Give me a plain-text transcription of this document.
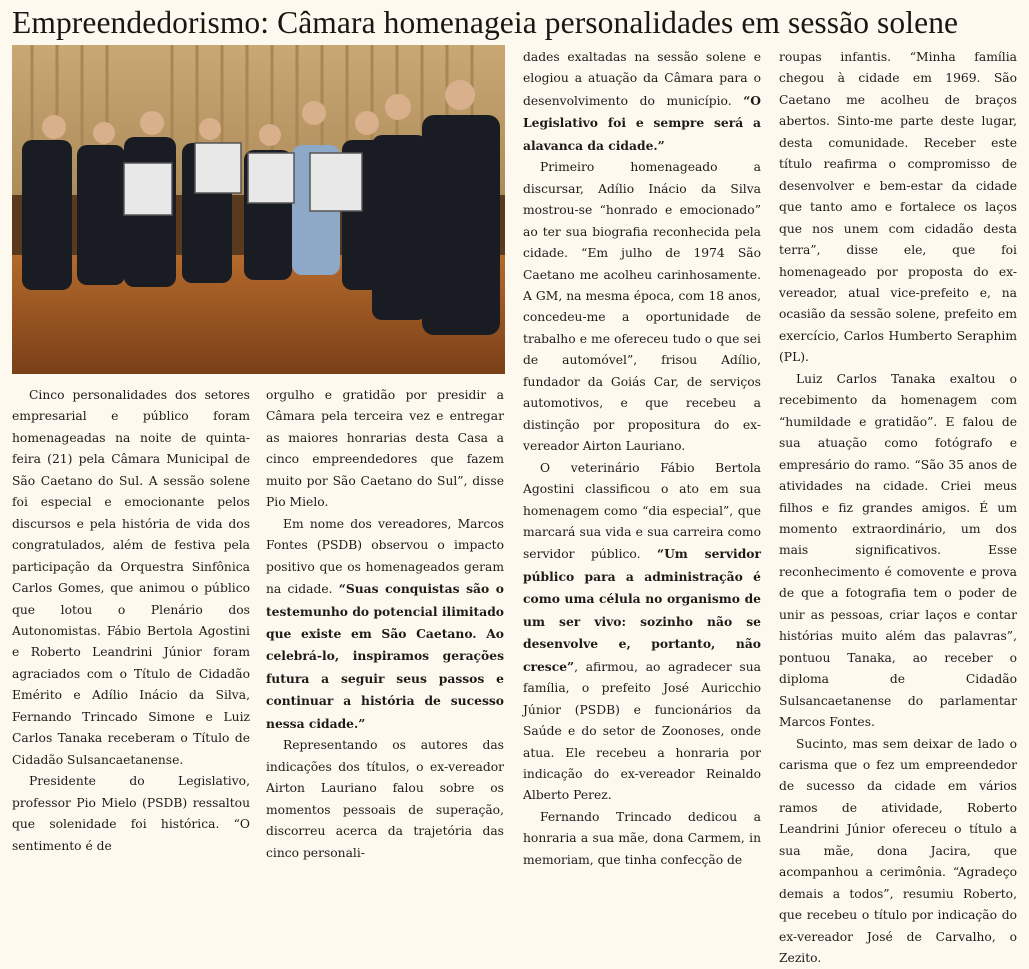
Empreendedorismo: Câmara homenageia personalidades em sessão solene

Cinco personalidades dos setores empresarial e público foram homenageadas na noite de quinta-feira (21) pela Câmara Municipal de São Caetano do Sul. A sessão solene foi especial e emocionante pelos discursos e pela história de vida dos congratulados, além de festiva pela participação da Orquestra Sinfônica Carlos Gomes, que animou o público que lotou o Plenário dos Autonomistas. Fábio Bertola Agostini e Roberto Leandrini Júnior foram agraciados com o Título de Cidadão Emérito e Adílio Inácio da Silva, Fernando Trincado Simone e Luiz Carlos Tanaka receberam o Título de Cidadão Sulsancaetanense.

Presidente do Legislativo, professor Pio Mielo (PSDB) ressaltou que solenidade foi histórica. “O sentimento é de

orgulho e gratidão por presidir a Câmara pela terceira vez e entregar as maiores honrarias desta Casa a cinco empreendedores que fazem muito por São Caetano do Sul”, disse Pio Mielo.

Em nome dos vereadores, Marcos Fontes (PSDB) observou o impacto positivo que os homenageados geram na cidade. “Suas conquistas são o testemunho do potencial ilimitado que existe em São Caetano. Ao celebrá-lo, inspiramos gerações futura a seguir seus passos e continuar a história de sucesso nessa cidade.”

Representando os autores das indicações dos títulos, o ex-vereador Airton Lauriano falou sobre os momentos pessoais de superação, discorreu acerca da trajetória das cinco personali-

dades exaltadas na sessão solene e elogiou a atuação da Câmara para o desenvolvimento do município. “O Legislativo foi e sempre será a alavanca da cidade.”

Primeiro homenageado a discursar, Adílio Inácio da Silva mostrou-se “honrado e emocionado” ao ter sua biografia reconhecida pela cidade. “Em julho de 1974 São Caetano me acolheu carinhosamente. A GM, na mesma época, com 18 anos, concedeu-me a oportunidade de trabalho e me ofereceu tudo o que sei de automóvel”, frisou Adílio, fundador da Goiás Car, de serviços automotivos, e que recebeu a distinção por propositura do ex-vereador Airton Lauriano.

O veterinário Fábio Bertola Agostini classificou o ato em sua homenagem como “dia especial”, que marcará sua vida e sua carreira como servidor público. “Um servidor público para a administração é como uma célula no organismo de um ser vivo: sozinho não se desenvolve e, portanto, não cresce”, afirmou, ao agradecer sua família, o prefeito José Auricchio Júnior (PSDB) e funcionários da Saúde e do setor de Zoonoses, onde atua. Ele recebeu a honraria por indicação do ex-vereador Reinaldo Alberto Perez.

Fernando Trincado dedicou a honraria a sua mãe, dona Carmem, in memoriam, que tinha confecção de

roupas infantis. “Minha família chegou à cidade em 1969. São Caetano me acolheu de braços abertos. Sinto-me parte deste lugar, desta comunidade. Receber este título reafirma o compromisso de desenvolver e bem-estar da cidade que tanto amo e fortalece os laços que nos unem com cidadão desta terra”, disse ele, que foi homenageado por proposta do ex-vereador, atual vice-prefeito e, na ocasião da sessão solene, prefeito em exercício, Carlos Humberto Seraphim (PL).

Luiz Carlos Tanaka exaltou o recebimento da homenagem com “humildade e gratidão”. E falou de sua atuação como fotógrafo e empresário do ramo. “São 35 anos de atividades na cidade. Criei meus filhos e fiz grandes amigos. É um momento extraordinário, um dos mais significativos. Esse reconhecimento é comovente e prova de que a fotografia tem o poder de unir as pessoas, criar laços e contar histórias muito além das palavras”, pontuou Tanaka, ao receber o diploma de Cidadão Sulsancaetanense do parlamentar Marcos Fontes.

Sucinto, mas sem deixar de lado o carisma que o fez um empreendedor de sucesso da cidade em vários ramos de atividade, Roberto Leandrini Júnior ofereceu o título a sua mãe, dona Jacira, que acompanhou a cerimônia. “Agradeço demais a todos”, resumiu Roberto, que recebeu o título por indicação do ex-vereador José de Carvalho, o Zezito.
